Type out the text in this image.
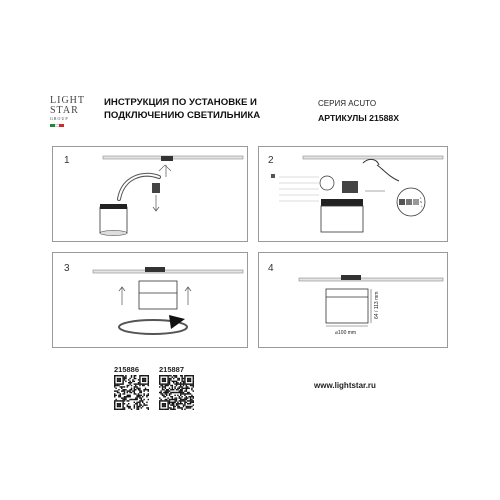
LIGHT
STAR
GROUP
ИНСТРУКЦИЯ ПО УСТАНОВКЕ И
ПОДКЛЮЧЕНИЮ СВЕТИЛЬНИКА
СЕРИЯ ACUTO
АРТИКУЛЫ 21588X
1	2
L
N
⏚
3	4
64 / 113 mm
⌀100 mm
215886	215887
www.lightstar.ru
